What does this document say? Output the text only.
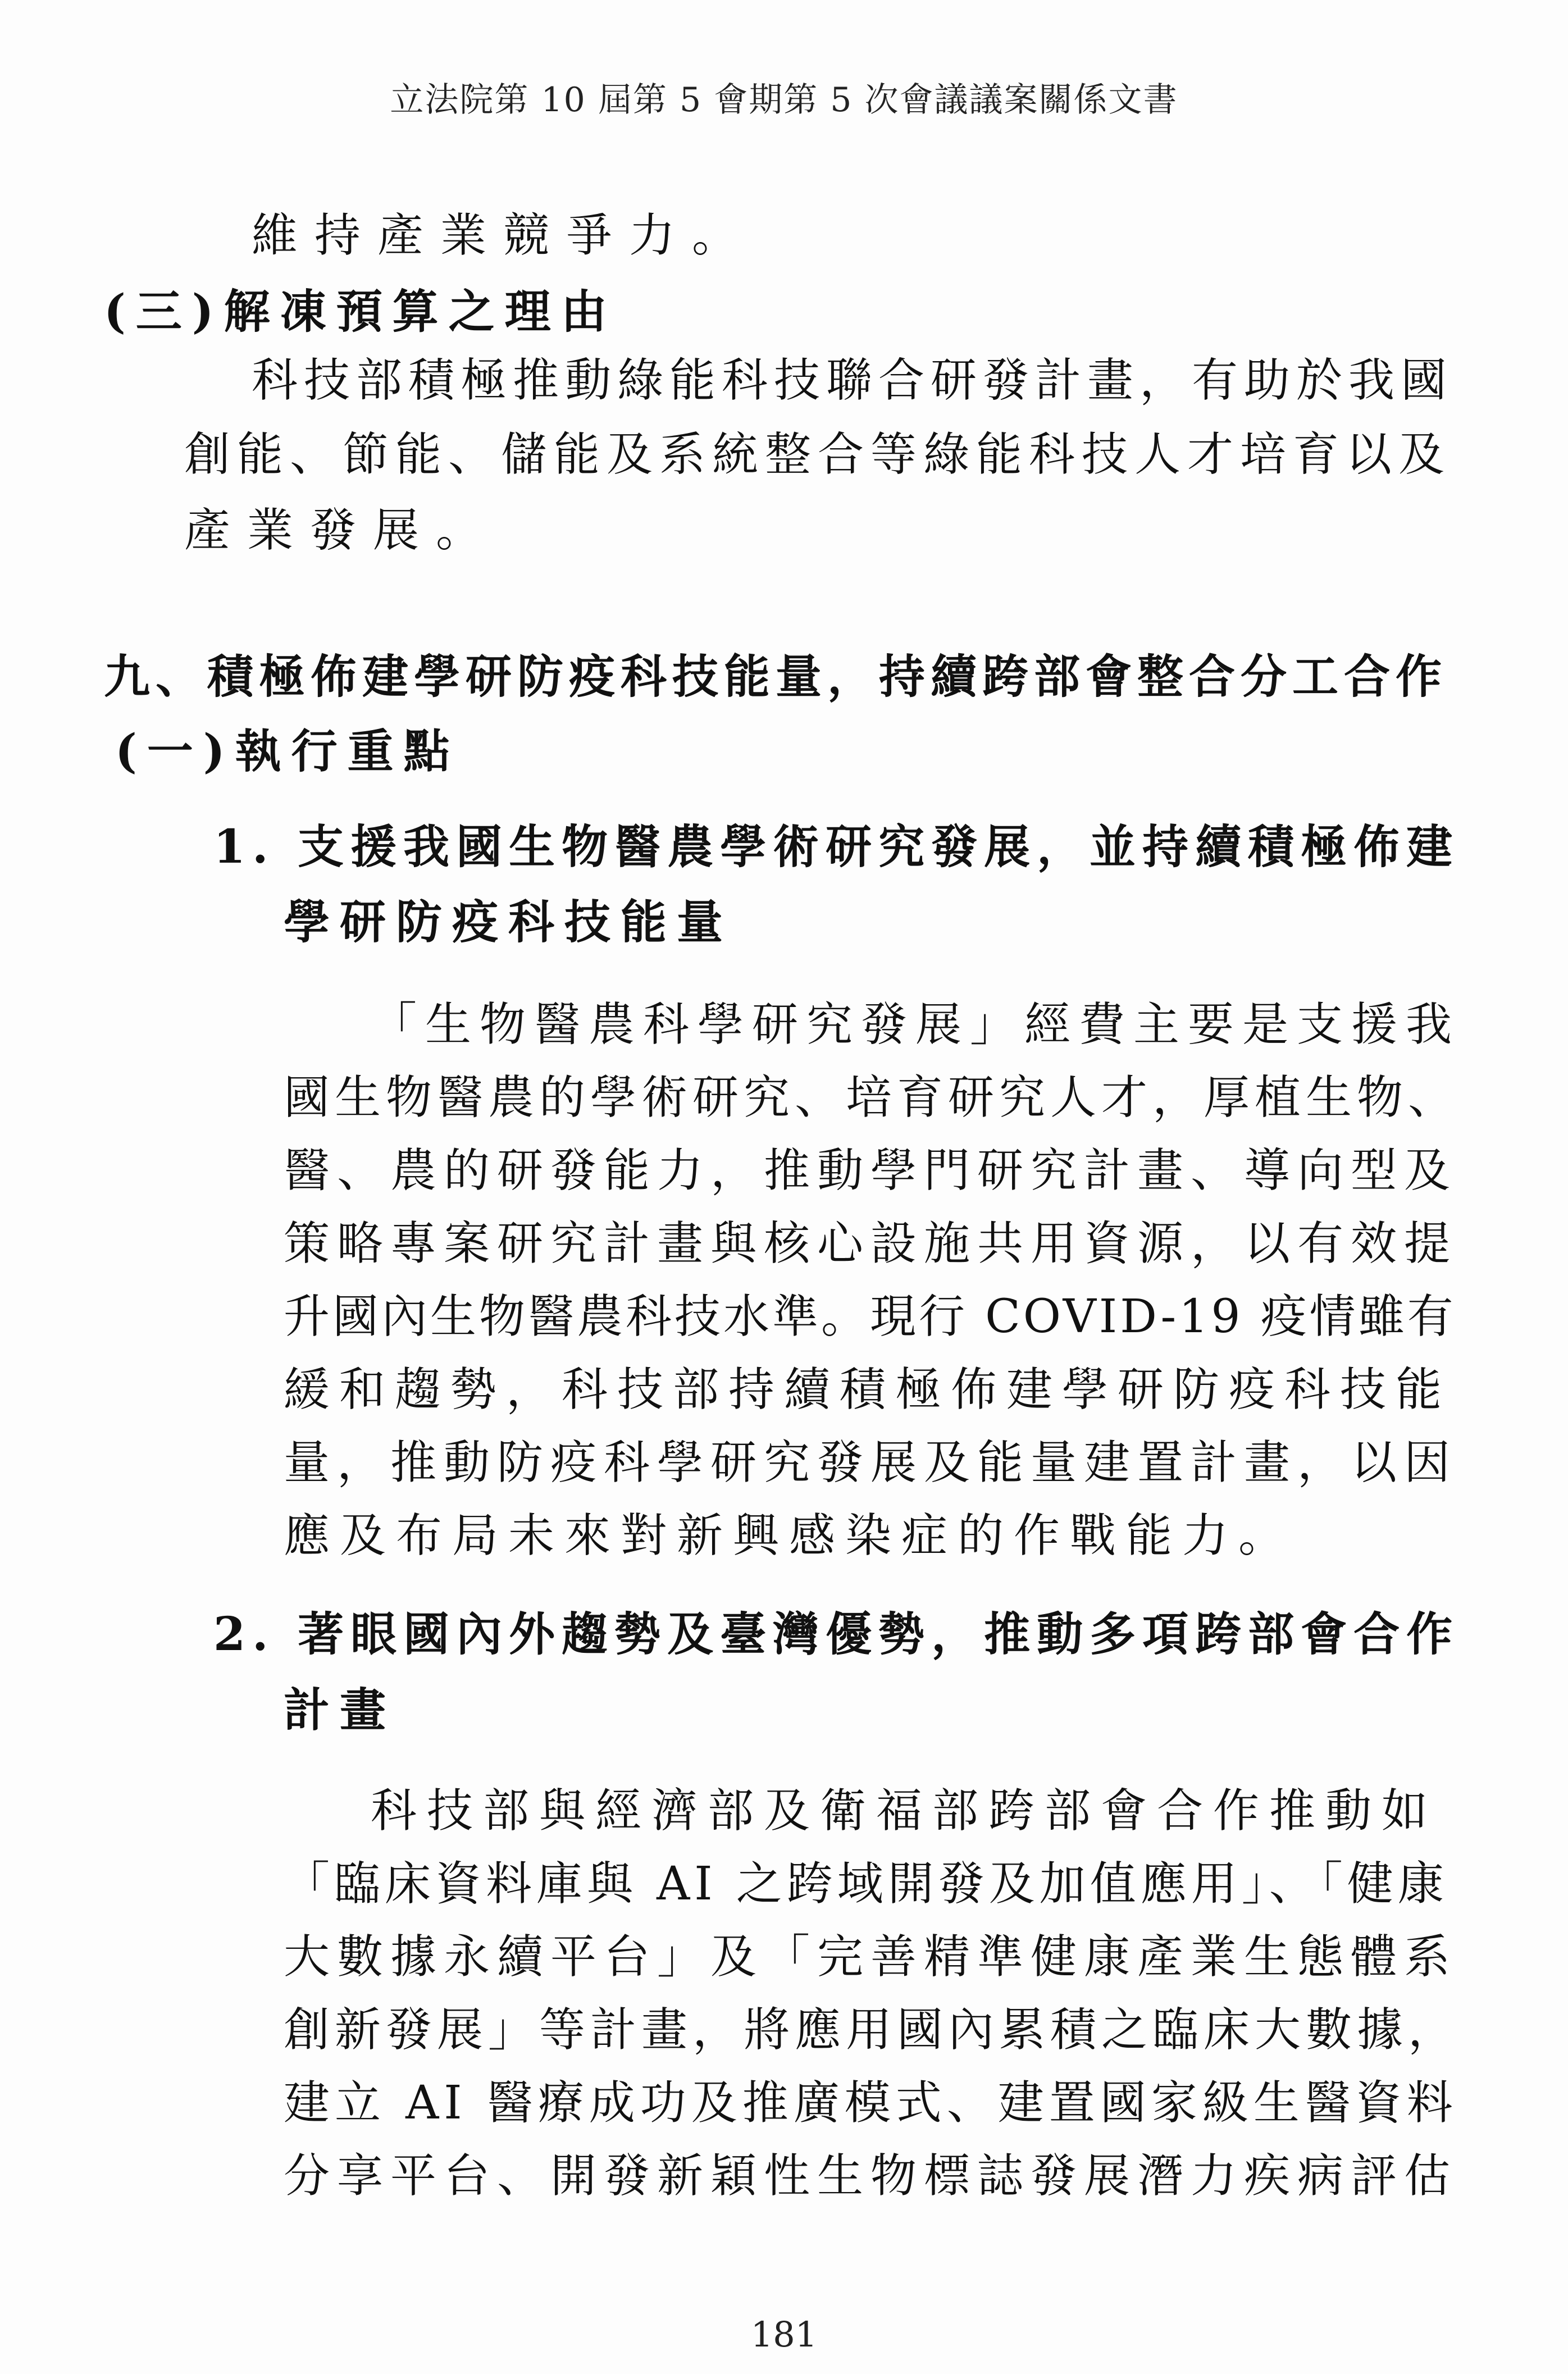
立法院第 10 屆第 5 會期第 5 次會議議案關係文書
維持產業競爭力。
(三)解凍預算之理由
科技部積極推動綠能科技聯合研發計畫，有助於我國
創能、節能、儲能及系統整合等綠能科技人才培育以及
產業發展。
九、積極佈建學研防疫科技能量，持續跨部會整合分工合作
(一)執行重點
1. 支援我國生物醫農學術研究發展，並持續積極佈建
學研防疫科技能量
「生物醫農科學研究發展」經費主要是支援我
國生物醫農的學術研究、培育研究人才，厚植生物、
醫、農的研發能力，推動學門研究計畫、導向型及
策略專案研究計畫與核心設施共用資源，以有效提
升國內生物醫農科技水準。現行 COVID-19 疫情雖有
緩和趨勢，科技部持續積極佈建學研防疫科技能
量，推動防疫科學研究發展及能量建置計畫，以因
應及布局未來對新興感染症的作戰能力。
2. 著眼國內外趨勢及臺灣優勢，推動多項跨部會合作
計畫
科技部與經濟部及衛福部跨部會合作推動如
「臨床資料庫與 AI 之跨域開發及加值應用」、「健康
大數據永續平台」及「完善精準健康產業生態體系
創新發展」等計畫，將應用國內累積之臨床大數據，
建立 AI 醫療成功及推廣模式、建置國家級生醫資料
分享平台、開發新穎性生物標誌發展潛力疾病評估
181
